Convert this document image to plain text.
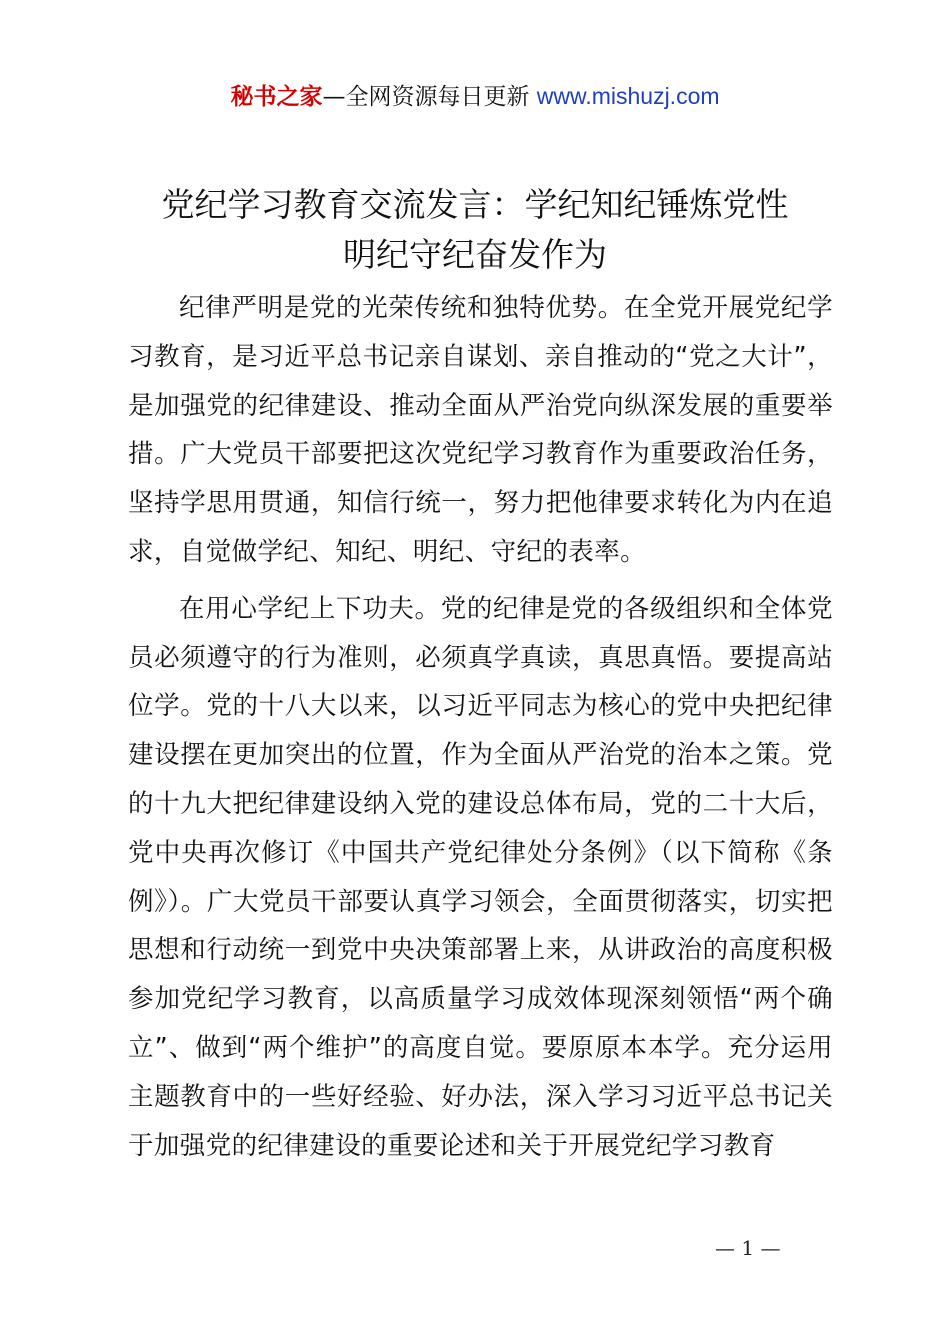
秘书之家—全网资源每日更新 www.mishuzj.com
党纪学习教育交流发言：学纪知纪锤炼党性
明纪守纪奋发作为

纪律严明是党的光荣传统和独特优势。在全党开展党纪学习教育，是习近平总书记亲自谋划、亲自推动的“党之大计”，是加强党的纪律建设、推动全面从严治党向纵深发展的重要举措。广大党员干部要把这次党纪学习教育作为重要政治任务，坚持学思用贯通，知信行统一，努力把他律要求转化为内在追求，自觉做学纪、知纪、明纪、守纪的表率。

在用心学纪上下功夫。党的纪律是党的各级组织和全体党员必须遵守的行为准则，必须真学真读，真思真悟。要提高站位学。党的十八大以来，以习近平同志为核心的党中央把纪律建设摆在更加突出的位置，作为全面从严治党的治本之策。党的十九大把纪律建设纳入党的建设总体布局，党的二十大后，党中央再次修订《中国共产党纪律处分条例》（以下简称《条例》）。广大党员干部要认真学习领会，全面贯彻落实，切实把思想和行动统一到党中央决策部署上来，从讲政治的高度积极参加党纪学习教育，以高质量学习成效体现深刻领悟“两个确立”、做到“两个维护”的高度自觉。要原原本本学。充分运用主题教育中的一些好经验、好办法，深入学习习近平总书记关于加强党的纪律建设的重要论述和关于开展党纪学习教育

— 1 —
